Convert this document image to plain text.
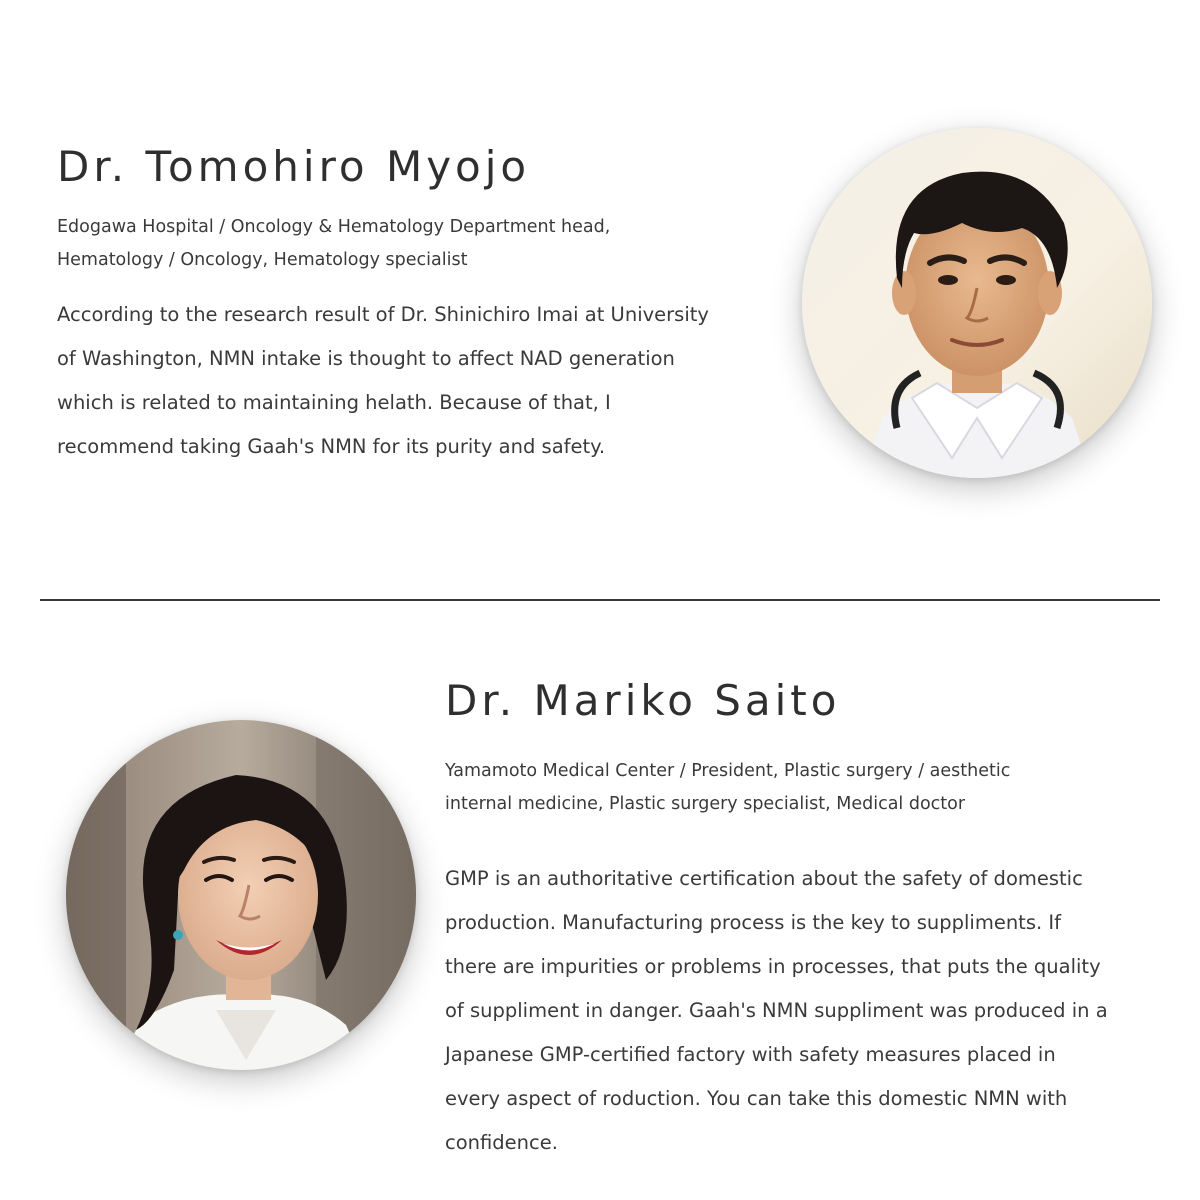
Dr. Tomohiro Myojo

Edogawa Hospital / Oncology & Hematology Department head,
Hematology / Oncology, Hematology specialist

According to the research result of Dr. Shinichiro Imai at University
of Washington, NMN intake is thought to affect NAD generation
which is related to maintaining helath. Because of that, I
recommend taking Gaah's NMN for its purity and safety.

Dr. Mariko Saito

Yamamoto Medical Center / President, Plastic surgery / aesthetic
internal medicine, Plastic surgery specialist, Medical doctor

GMP is an authoritative certification about the safety of domestic
production. Manufacturing process is the key to suppliments. If
there are impurities or problems in processes, that puts the quality
of suppliment in danger. Gaah's NMN suppliment was produced in a
Japanese GMP-certified factory with safety measures placed in
every aspect of roduction. You can take this domestic NMN with
confidence.
